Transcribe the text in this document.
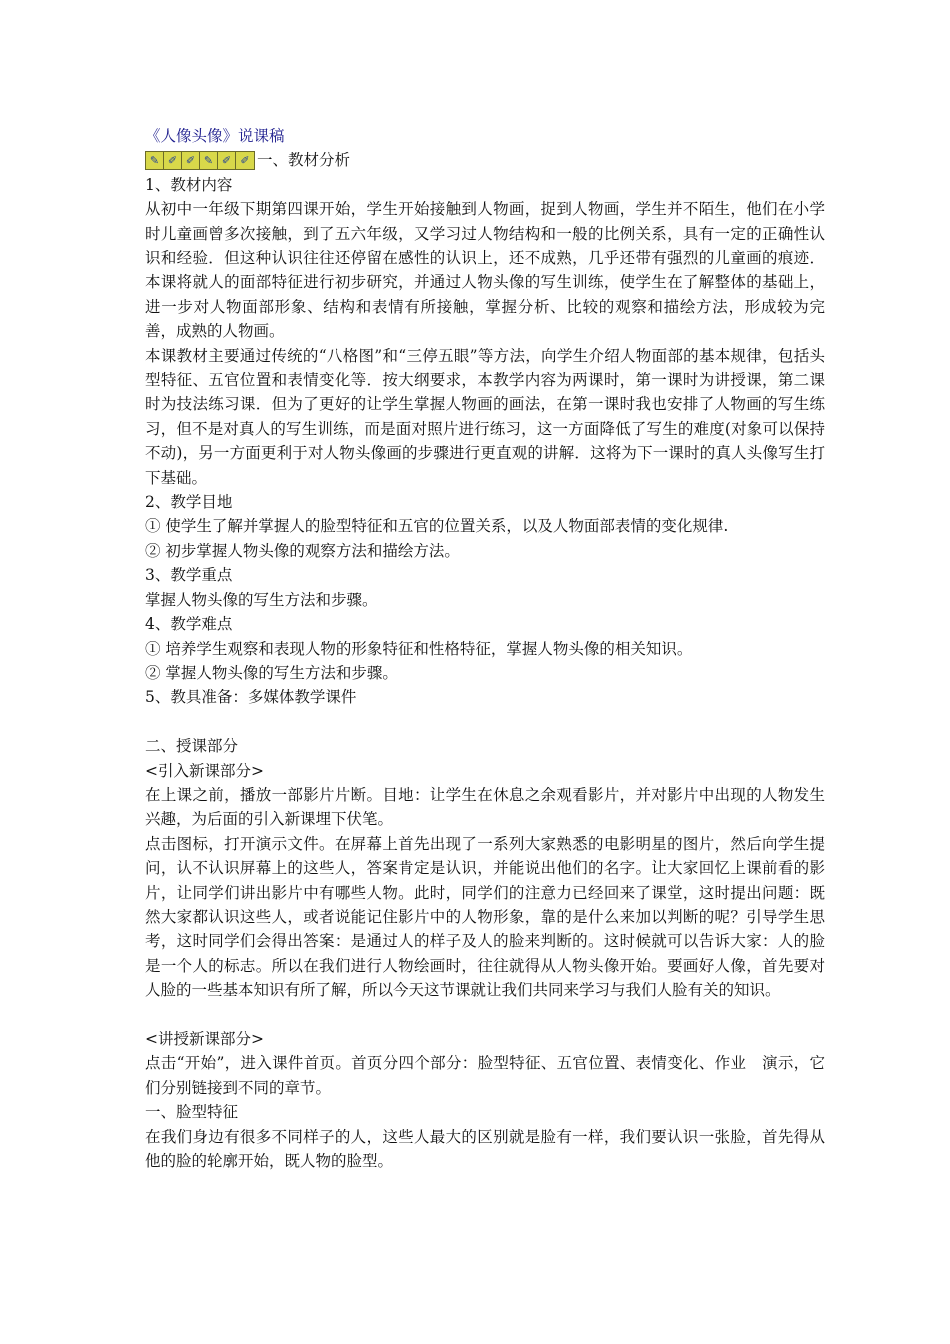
《人像头像》说课稿

✎ ✐ ✐ ✎ ✐ ✐ 一、教材分析

1、教材内容

从初中一年级下期第四课开始，学生开始接触到人物画，捉到人物画，学生并不陌生，他们在小学时儿童画曾多次接触，到了五六年级，又学习过人物结构和一般的比例关系，具有一定的正确性认识和经验．但这种认识往往还停留在感性的认识上，还不成熟，几乎还带有强烈的儿童画的痕迹．本课将就人的面部特征进行初步研究，并通过人物头像的写生训练，使学生在了解整体的基础上，进一步对人物面部形象、结构和表情有所接触，掌握分析、比较的观察和描绘方法，形成较为完善，成熟的人物画。

本课教材主要通过传统的“八格图”和“三停五眼”等方法，向学生介绍人物面部的基本规律，包括头型特征、五官位置和表情变化等．按大纲要求，本教学内容为两课时，第一课时为讲授课，第二课时为技法练习课．但为了更好的让学生掌握人物画的画法，在第一课时我也安排了人物画的写生练习，但不是对真人的写生训练，而是面对照片进行练习，这一方面降低了写生的难度(对象可以保持不动)，另一方面更利于对人物头像画的步骤进行更直观的讲解．这将为下一课时的真人头像写生打下基础。

2、教学目地

① 使学生了解并掌握人的脸型特征和五官的位置关系，以及人物面部表情的变化规律.

② 初步掌握人物头像的观察方法和描绘方法。

3、教学重点

掌握人物头像的写生方法和步骤。

4、教学难点

① 培养学生观察和表现人物的形象特征和性格特征，掌握人物头像的相关知识。

② 掌握人物头像的写生方法和步骤。

5、教具准备：多媒体教学课件

二、授课部分

<引入新课部分>

在上课之前，播放一部影片片断。目地：让学生在休息之余观看影片，并对影片中出现的人物发生兴趣，为后面的引入新课埋下伏笔。

点击图标，打开演示文件。在屏幕上首先出现了一系列大家熟悉的电影明星的图片，然后向学生提问，认不认识屏幕上的这些人，答案肯定是认识，并能说出他们的名字。让大家回忆上课前看的影片，让同学们讲出影片中有哪些人物。此时，同学们的注意力已经回来了课堂，这时提出问题：既然大家都认识这些人，或者说能记住影片中的人物形象，靠的是什么来加以判断的呢？引导学生思考，这时同学们会得出答案：是通过人的样子及人的脸来判断的。这时候就可以告诉大家：人的脸是一个人的标志。所以在我们进行人物绘画时，往往就得从人物头像开始。要画好人像，首先要对人脸的一些基本知识有所了解，所以今天这节课就让我们共同来学习与我们人脸有关的知识。

<讲授新课部分>

点击“开始”，进入课件首页。首页分四个部分：脸型特征、五官位置、表情变化、作业　演示，它们分别链接到不同的章节。

一、脸型特征

在我们身边有很多不同样子的人，这些人最大的区别就是脸有一样，我们要认识一张脸，首先得从他的脸的轮廓开始，既人物的脸型。
